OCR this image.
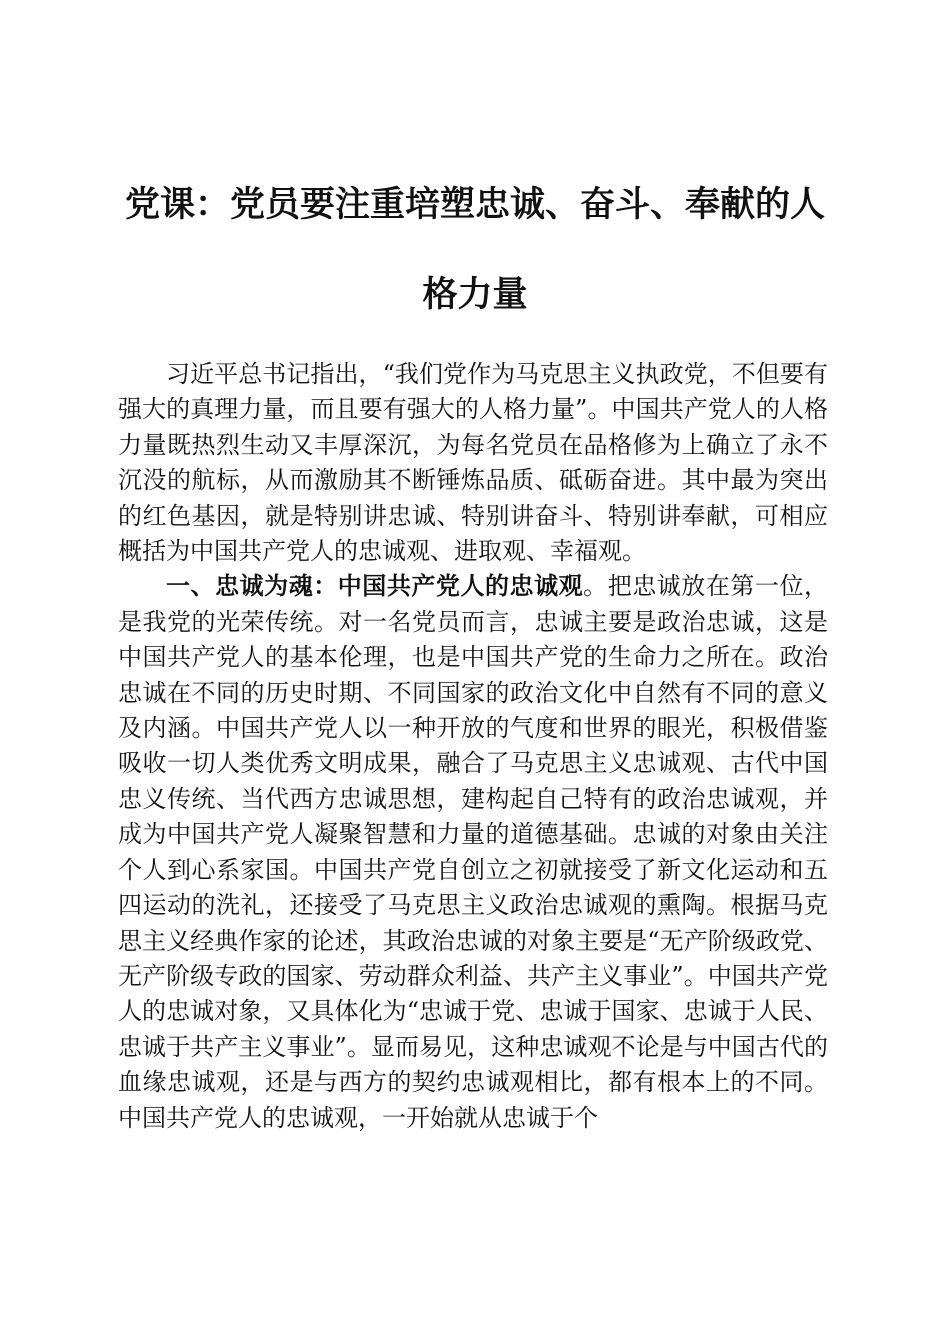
党课：党员要注重培塑忠诚、奋斗、奉献的人格力量

习近平总书记指出，“我们党作为马克思主义执政党，不但要有强大的真理力量，而且要有强大的人格力量”。中国共产党人的人格力量既热烈生动又丰厚深沉，为每名党员在品格修为上确立了永不沉没的航标，从而激励其不断锤炼品质、砥砺奋进。其中最为突出的红色基因，就是特别讲忠诚、特别讲奋斗、特别讲奉献，可相应概括为中国共产党人的忠诚观、进取观、幸福观。

一、忠诚为魂：中国共产党人的忠诚观。把忠诚放在第一位，是我党的光荣传统。对一名党员而言，忠诚主要是政治忠诚，这是中国共产党人的基本伦理，也是中国共产党的生命力之所在。政治忠诚在不同的历史时期、不同国家的政治文化中自然有不同的意义及内涵。中国共产党人以一种开放的气度和世界的眼光，积极借鉴吸收一切人类优秀文明成果，融合了马克思主义忠诚观、古代中国忠义传统、当代西方忠诚思想，建构起自己特有的政治忠诚观，并成为中国共产党人凝聚智慧和力量的道德基础。忠诚的对象由关注个人到心系家国。中国共产党自创立之初就接受了新文化运动和五四运动的洗礼，还接受了马克思主义政治忠诚观的熏陶。根据马克思主义经典作家的论述，其政治忠诚的对象主要是“无产阶级政党、无产阶级专政的国家、劳动群众利益、共产主义事业”。中国共产党人的忠诚对象，又具体化为“忠诚于党、忠诚于国家、忠诚于人民、忠诚于共产主义事业”。显而易见，这种忠诚观不论是与中国古代的血缘忠诚观，还是与西方的契约忠诚观相比，都有根本上的不同。中国共产党人的忠诚观，一开始就从忠诚于个
